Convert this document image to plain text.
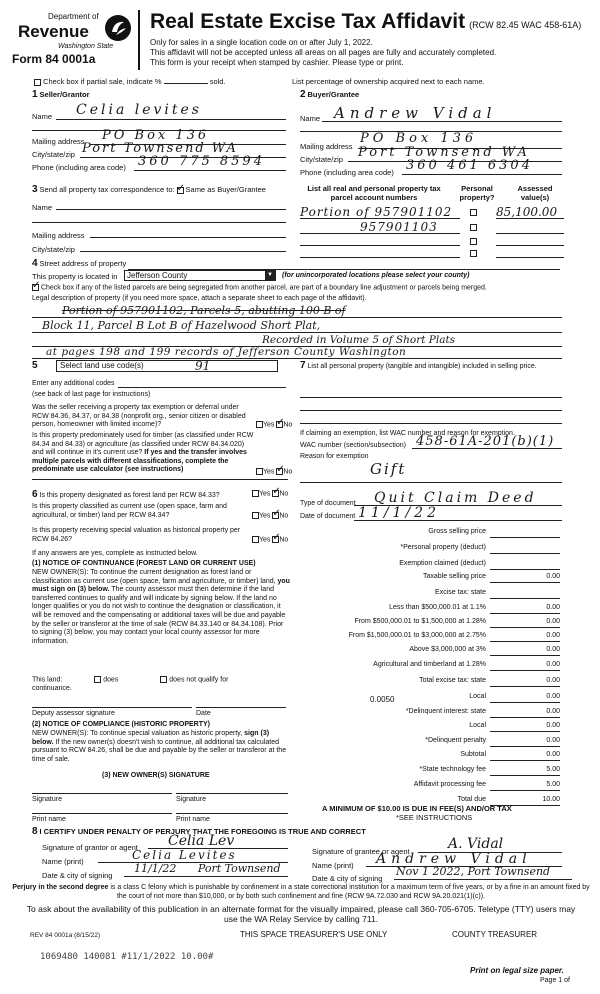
Department of
Revenue
Washington State
Form 84 0001a
Real Estate Excise Tax Affidavit (RCW 82.45 WAC 458-61A)
Only for sales in a single location code on or after July 1, 2022.
This affidavit will not be accepted unless all areas on all pages are fully and accurately completed.
This form is your receipt when stamped by cashier. Please type or print.
Check box if partial sale, indicate %	sold.	List percentage of ownership acquired next to each name.
1 Seller/Grantor
Name Celia levites
Mailing address PO Box 136
City/state/zip Port Townsend WA
Phone (including area code) 360 775 8594
2 Buyer/Grantee
Name Andrew Vidal
Mailing address
PO Box 136
City/state/zip Port Townsend WA
Phone (including area code) 360 461 6304
3 Send all property tax correspondence to: ✓ Same as Buyer/Grantee
Name
Mailing address
City/state/zip
List all real and personal property tax parcel account numbers
Personal property?
Assessed value(s)
Portion of 957901102	85,100.00
957901103
4 Street address of property
This property is located in	Jefferson County	▼ (for unincorporated locations please select your county)
✓ Check box if any of the listed parcels are being segregated from another parcel, are part of a boundary line adjustment or parcels being merged.
Legal description of property (if you need more space, attach a separate sheet to each page of the affidavit).
Portion of 957901102, Parcels 5, abutting 100 B of
Block 11, Parcel B Lot B of Hazelwood Short Plat,
Recorded in Volume 5 of Short Plats
at pages 198 and 199 records of Jefferson County Washington
5	Select land use code(s)	91
Enter any additional codes
(see back of last page for instructions)
Was the seller receiving a property tax exemption or deferral under RCW 84.36, 84.37, or 84.38 (nonprofit org., senior citizen or disabled person, homeowner with limited income)?	Yes ✓ No
Is this property predominately used for timber (as classified under RCW 84.34 and 84.33) or agriculture (as classified under RCW 84.34.020) and will continue in it's current use? If yes and the transfer involves multiple parcels with different classifications, complete the predominate use calculator (see instructions)	Yes ✓ No
7 List all personal property (tangible and intangible) included in selling price.
If claiming an exemption, list WAC number and reason for exemption.
WAC number (section/subsection) 458-61A-201(b)(1)
Reason for exemption
Gift
6 Is this property designated as forest land per RCW 84.33?	Yes ✓ No
Is this property classified as current use (open space, farm and agricultural, or timber) land per RCW 84.34?	Yes ✓ No
Is this property receiving special valuation as historical property per RCW 84.26?	Yes ✓ No
If any answers are yes, complete as instructed below.
(1) NOTICE OF CONTINUANCE (FOREST LAND OR CURRENT USE)
NEW OWNER(S): To continue the current designation as forest land or classification as current use (open space, farm and agriculture, or timber) land, you must sign on (3) below. The county assessor must then determine if the land transferred continues to qualify and will indicate by signing below. If the land no longer qualifies or you do not wish to continue the designation or classification, it will be removed and the compensating or additional taxes will be due and payable by the seller or transferor at the time of sale (RCW 84.33.140 or 84.34.108). Prior to signing (3) below, you may contact your local county assessor for more information.
This land:	does	does not qualify for
continuance.
Deputy assessor signature	Date
(2) NOTICE OF COMPLIANCE (HISTORIC PROPERTY)
NEW OWNER(S): To continue special valuation as historic property, sign (3) below. If the new owner(s) doesn't wish to continue, all additional tax calculated pursuant to RCW 84.26, shall be due and payable by the seller or transferor at the time of sale.
(3) NEW OWNER(S) SIGNATURE
Signature	Signature
Print name	Print name
Type of document	Quit Claim Deed
Date of document 11/1/22
Gross selling price
*Personal property (deduct)
Exemption claimed (deduct)
Taxable selling price	0.00
Excise tax: state
Less than $500,000.01 at 1.1%	0.00
From $500,000.01 to $1,500,000 at 1.28%	0.00
From $1,500,000.01 to $3,000,000 at 2.75%	0.00
Above $3,000,000 at 3%	0.00
Agricultural and timberland at 1.28%	0.00
Total excise tax: state	0.00
Local	0.00
*Delinquent interest: state	0.00
Local	0.00
*Delinquent penalty	0.00
Subtotal	0.00
*State technology fee	5.00
Affidavit processing fee	5.00
Total due	10.00
0.0050
A MINIMUM OF $10.00 IS DUE IN FEE(S) AND/OR TAX
*SEE INSTRUCTIONS
8 I CERTIFY UNDER PENALTY OF PERJURY THAT THE FOREGOING IS TRUE AND CORRECT
Signature of grantor or agent	Celia Lev
Name (print)	Celia Levites
Date & city of signing
11/1/22 Port Townsend
Signature of grantee or agent	A. Vidal
Name (print)	Andrew Vidal
Date & city of signing
Nov 1 2022, Port Townsend
Perjury in the second degree is a class C felony which is punishable by confinement in a state correctional institution for a maximum term of five years, or by a fine in an amount fixed by the court of not more than $10,000, or by both such confinement and fine (RCW 9A.72.030 and RCW 9A.20.021(1)(c)).
To ask about the availability of this publication in an alternate format for the visually impaired, please call 360-705-6705. Teletype (TTY) users may use the WA Relay Service by calling 711.
REV 84 0001a (8/15/22)	THIS SPACE TREASURER'S USE ONLY	COUNTY TREASURER
1069480 140081 #11/1/2022 10.00#
Print on legal size paper.
Page 1 of
